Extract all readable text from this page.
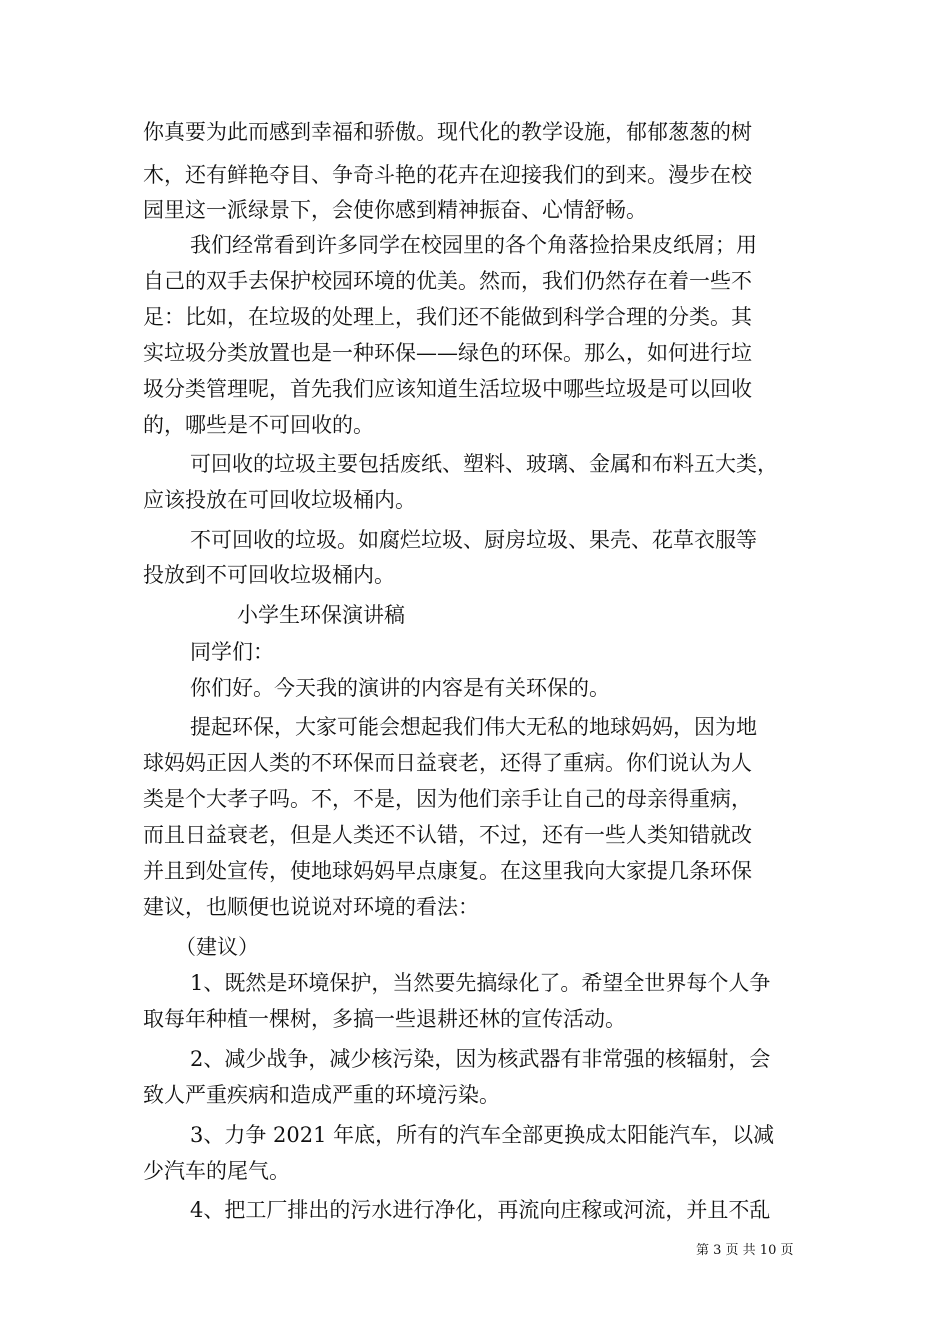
你真要为此而感到幸福和骄傲。现代化的教学设施，郁郁葱葱的树
木，还有鲜艳夺目、争奇斗艳的花卉在迎接我们的到来。漫步在校
园里这一派绿景下，会使你感到精神振奋、心情舒畅。
我们经常看到许多同学在校园里的各个角落捡拾果皮纸屑；用
自己的双手去保护校园环境的优美。然而，我们仍然存在着一些不
足：比如，在垃圾的处理上，我们还不能做到科学合理的分类。其
实垃圾分类放置也是一种环保——绿色的环保。那么，如何进行垃
圾分类管理呢，首先我们应该知道生活垃圾中哪些垃圾是可以回收
的，哪些是不可回收的。
可回收的垃圾主要包括废纸、塑料、玻璃、金属和布料五大类，
应该投放在可回收垃圾桶内。
不可回收的垃圾。如腐烂垃圾、厨房垃圾、果壳、花草衣服等
投放到不可回收垃圾桶内。
小学生环保演讲稿
同学们：
你们好。今天我的演讲的内容是有关环保的。
提起环保，大家可能会想起我们伟大无私的地球妈妈，因为地
球妈妈正因人类的不环保而日益衰老，还得了重病。你们说认为人
类是个大孝子吗。不，不是，因为他们亲手让自己的母亲得重病，
而且日益衰老，但是人类还不认错，不过，还有一些人类知错就改
并且到处宣传，使地球妈妈早点康复。在这里我向大家提几条环保
建议，也顺便也说说对环境的看法：
（建议）
1、既然是环境保护，当然要先搞绿化了。希望全世界每个人争
取每年种植一棵树，多搞一些退耕还林的宣传活动。
2、减少战争，减少核污染，因为核武器有非常强的核辐射，会
致人严重疾病和造成严重的环境污染。
3、力争 2021 年底，所有的汽车全部更换成太阳能汽车，以减
少汽车的尾气。
4、把工厂排出的污水进行净化，再流向庄稼或河流，并且不乱
第 3 页 共 10 页
